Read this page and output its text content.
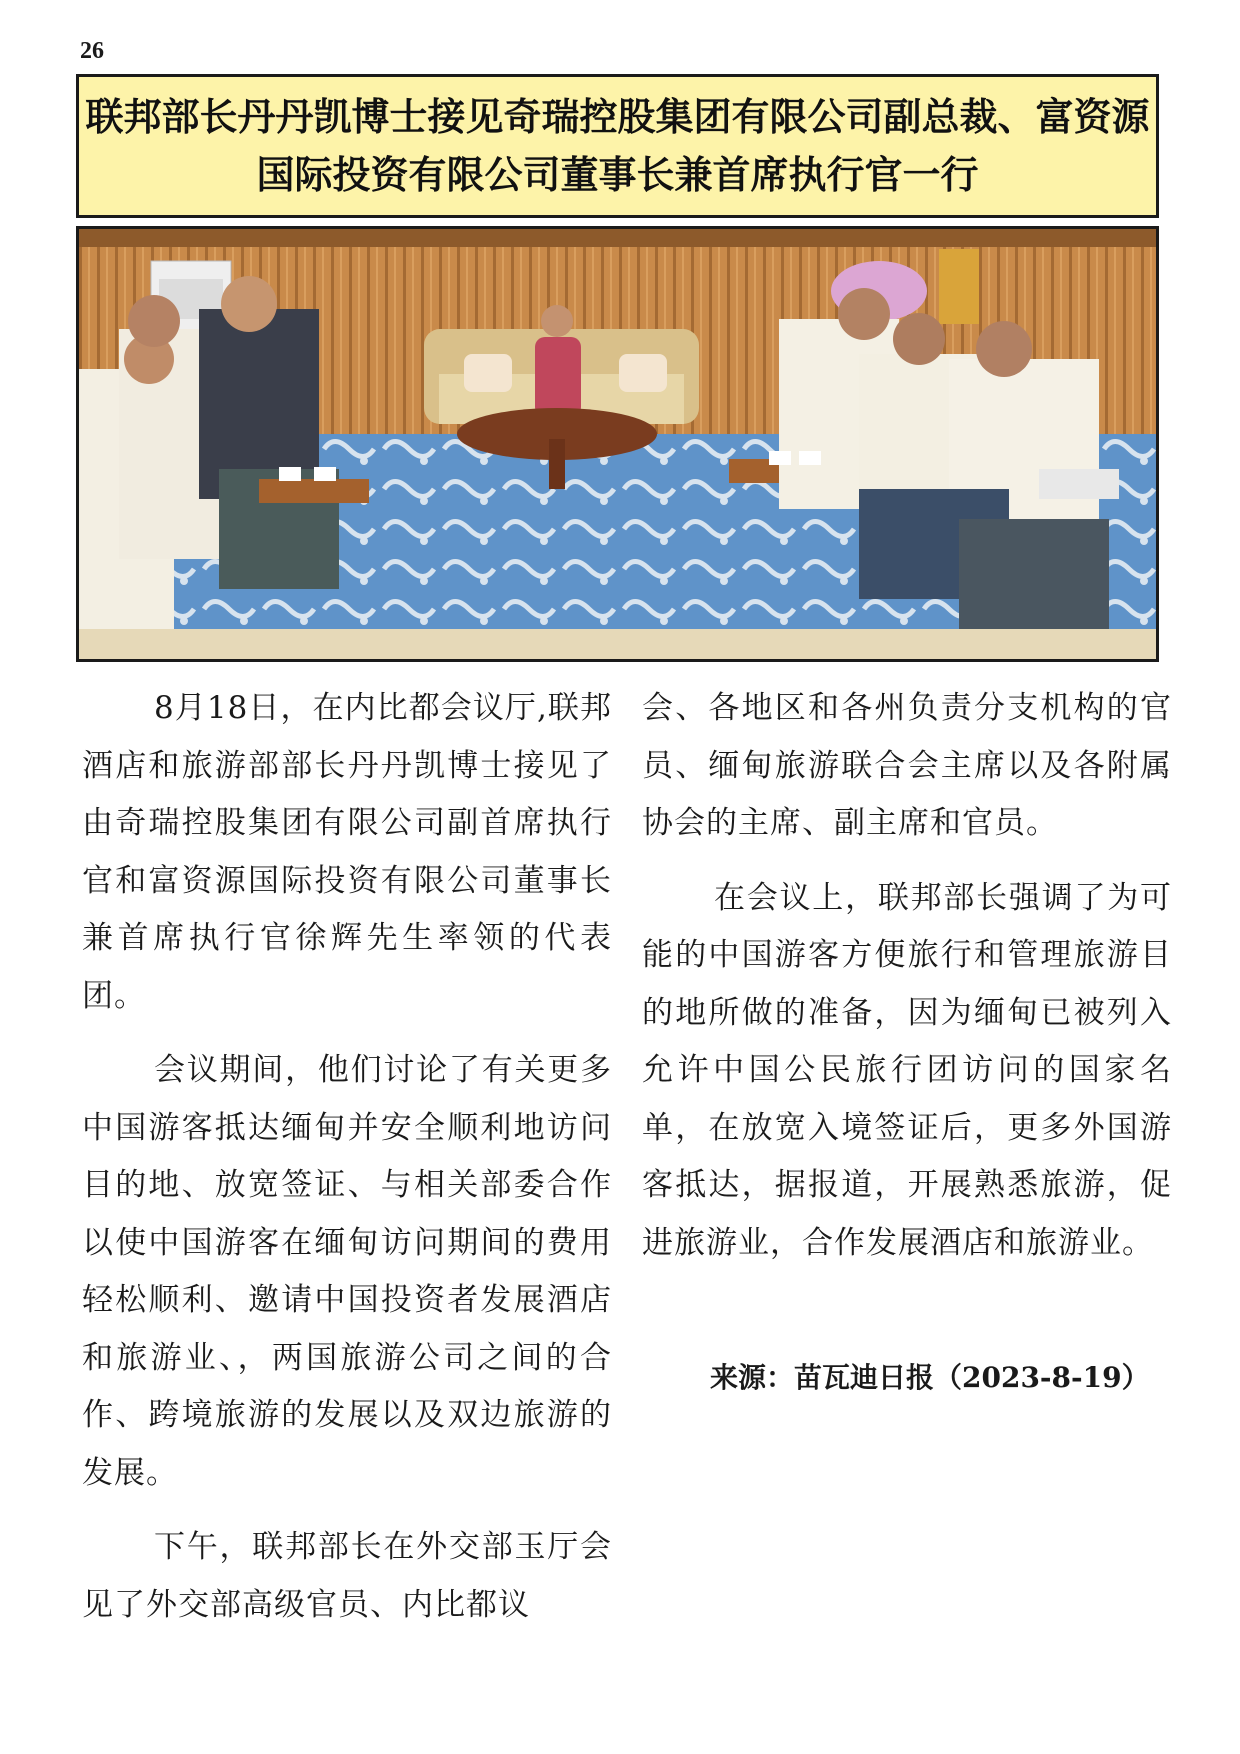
26
联邦部长丹丹凯博士接见奇瑞控股集团有限公司副总裁、富资源
国际投资有限公司董事长兼首席执行官一行

8月18日，在内比都会议厅,联邦酒店和旅游部部长丹丹凯博士接见了由奇瑞控股集团有限公司副首席执行官和富资源国际投资有限公司董事长兼首席执行官徐辉先生率领的代表团。

会议期间，他们讨论了有关更多中国游客抵达缅甸并安全顺利地访问目的地、放宽签证、与相关部委合作以使中国游客在缅甸访问期间的费用轻松顺利、邀请中国投资者发展酒店和旅游业、，两国旅游公司之间的合作、跨境旅游的发展以及双边旅游的发展。

下午，联邦部长在外交部玉厅会见了外交部高级官员、内比都议

会、各地区和各州负责分支机构的官员、缅甸旅游联合会主席以及各附属协会的主席、副主席和官员。

在会议上，联邦部长强调了为可能的中国游客方便旅行和管理旅游目的地所做的准备，因为缅甸已被列入允许中国公民旅行团访问的国家名单，在放宽入境签证后，更多外国游客抵达，据报道，开展熟悉旅游，促进旅游业，合作发展酒店和旅游业。

来源：苗瓦迪日报（2023-8-19）
